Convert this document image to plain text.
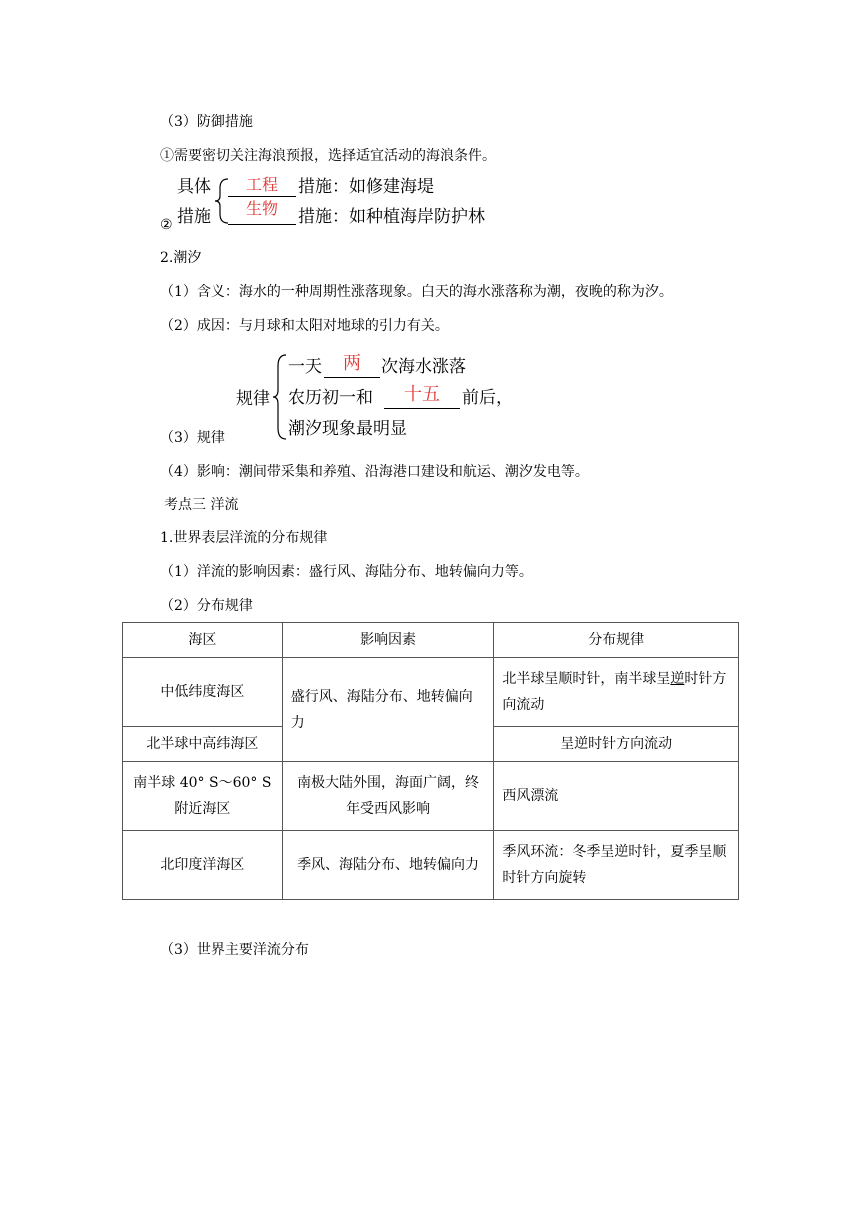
（3）防御措施
①需要密切关注海浪预报，选择适宜活动的海浪条件。
具体
措施
②
工程	措施：如修建海堤
生物	措施：如种植海岸防护林
2.潮汐
（1）含义：海水的一种周期性涨落现象。白天的海水涨落称为潮，夜晚的称为汐。
（2）成因：与月球和太阳对地球的引力有关。
规律
一天	两	次海水涨落
农历初一和	十五	前后，
潮汐现象最明显
（3）规律
（4）影响：潮间带采集和养殖、沿海港口建设和航运、潮汐发电等。
考点三 洋流
1.世界表层洋流的分布规律
（1）洋流的影响因素：盛行风、海陆分布、地转偏向力等。
（2）分布规律
海区	影响因素	分布规律
中低纬度海区	盛行风、海陆分布、地转偏向力	北半球呈顺时针，南半球呈逆时针方向流动
北半球中高纬海区		呈逆时针方向流动
南半球 40° S～60° S 附近海区	南极大陆外围，海面广阔，终年受西风影响	西风漂流
北印度洋海区	季风、海陆分布、地转偏向力	季风环流：冬季呈逆时针，夏季呈顺时针方向旋转
（3）世界主要洋流分布
